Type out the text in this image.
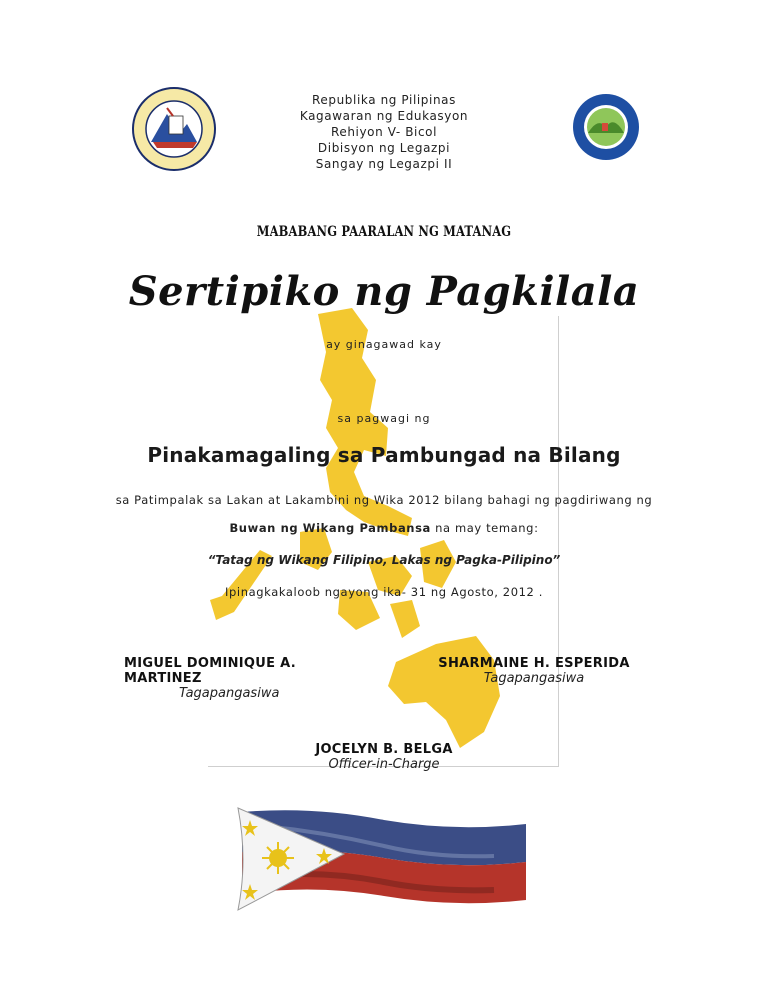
Republika ng Pilipinas
Kagawaran ng Edukasyon
Rehiyon V- Bicol
Dibisyon ng Legazpi
Sangay ng Legazpi II
MABABANG PAARALAN NG MATANAG
Sertipiko ng Pagkilala
ay ginagawad kay
sa pagwagi ng
Pinakamagaling sa Pambungad na Bilang
sa Patimpalak sa Lakan at Lakambini ng Wika 2012 bilang bahagi ng pagdiriwang ng
Buwan ng Wikang Pambansa na may temang:
“Tatag ng Wikang Filipino, Lakas ng Pagka-Pilipino”
Ipinagkakaloob ngayong ika- 31 ng Agosto, 2012 .
MIGUEL DOMINIQUE A. MARTINEZ
Tagapangasiwa
SHARMAINE H. ESPERIDA
Tagapangasiwa
JOCELYN B. BELGA
Officer-in-Charge
